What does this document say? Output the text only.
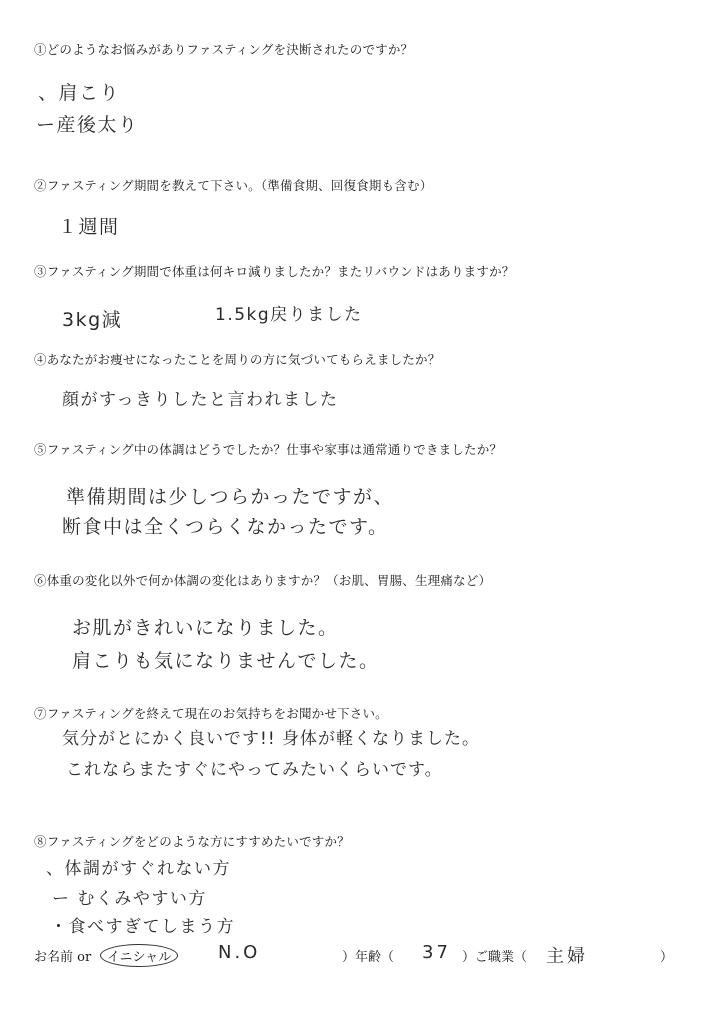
①どのようなお悩みがありファスティングを決断されたのですか？
、肩こり
ー産後太り
②ファスティング期間を教えて下さい。（準備食期、回復食期も含む）
１週間
③ファスティング期間で体重は何キロ減りましたか？またリバウンドはありますか？
3kg減	1.5kg戻りました
④あなたがお痩せになったことを周りの方に気づいてもらえましたか？
顔がすっきりしたと言われました
⑤ファスティング中の体調はどうでしたか？仕事や家事は通常通りできましたか？
準備期間は少しつらかったですが、
断食中は全くつらくなかったです。
⑥体重の変化以外で何か体調の変化はありますか？（お肌、胃腸、生理痛など）
お肌がきれいになりました。
肩こりも気になりませんでした。
⑦ファスティングを終えて現在のお気持ちをお聞かせ下さい。
気分がとにかく良いです!! 身体が軽くなりました。
これならまたすぐにやってみたいくらいです。
⑧ファスティングをどのような方にすすめたいですか？
、体調がすぐれない方
ー むくみやすい方
・食べすぎてしまう方
お名前 or	イニシャル	N.O	）年齢（ 37 ）ご職業（ 主婦	）
